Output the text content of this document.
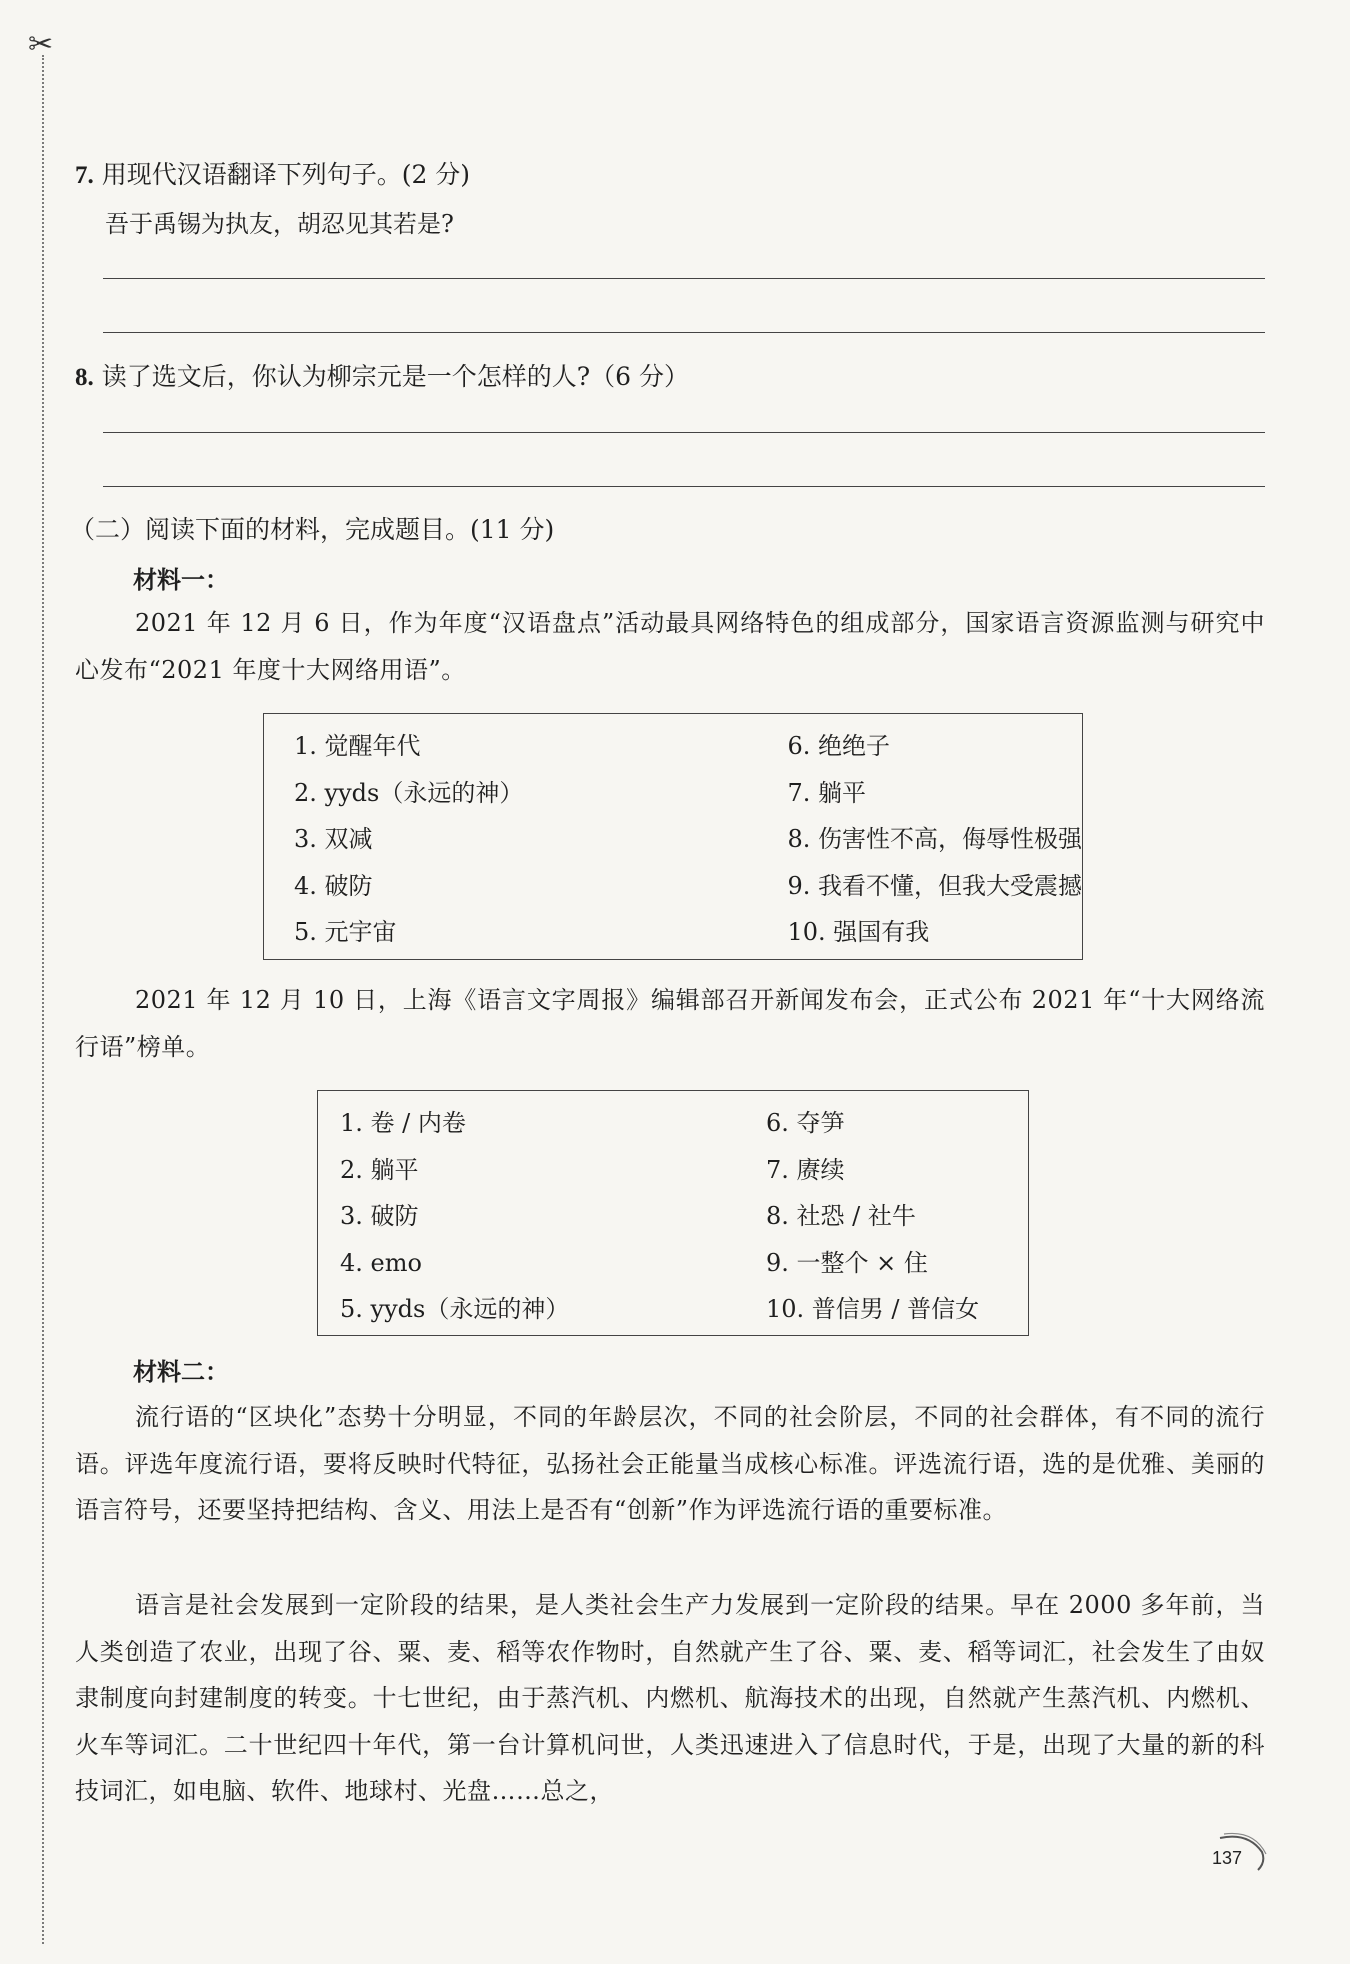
✂
7. 用现代汉语翻译下列句子。(2 分)
吾于禹锡为执友，胡忍见其若是?
8. 读了选文后，你认为柳宗元是一个怎样的人?（6 分）
（二）阅读下面的材料，完成题目。(11 分)
材料一：
2021 年 12 月 6 日，作为年度“汉语盘点”活动最具网络特色的组成部分，国家语言资源监测与研究中心发布“2021 年度十大网络用语”。
1. 觉醒年代
2. yyds（永远的神）
3. 双减
4. 破防
5. 元宇宙
6. 绝绝子
7. 躺平
8. 伤害性不高，侮辱性极强
9. 我看不懂，但我大受震撼
10. 强国有我
2021 年 12 月 10 日，上海《语言文字周报》编辑部召开新闻发布会，正式公布 2021 年“十大网络流行语”榜单。
1. 卷 / 内卷
2. 躺平
3. 破防
4. emo
5. yyds（永远的神）
6. 夺笋
7. 赓续
8. 社恐 / 社牛
9. 一整个 × 住
10. 普信男 / 普信女
材料二：
流行语的“区块化”态势十分明显，不同的年龄层次，不同的社会阶层，不同的社会群体，有不同的流行语。评选年度流行语，要将反映时代特征，弘扬社会正能量当成核心标准。评选流行语，选的是优雅、美丽的语言符号，还要坚持把结构、含义、用法上是否有“创新”作为评选流行语的重要标准。
语言是社会发展到一定阶段的结果，是人类社会生产力发展到一定阶段的结果。早在 2000 多年前，当人类创造了农业，出现了谷、粟、麦、稻等农作物时，自然就产生了谷、粟、麦、稻等词汇，社会发生了由奴隶制度向封建制度的转变。十七世纪，由于蒸汽机、内燃机、航海技术的出现，自然就产生蒸汽机、内燃机、火车等词汇。二十世纪四十年代，第一台计算机问世，人类迅速进入了信息时代，于是，出现了大量的新的科技词汇，如电脑、软件、地球村、光盘……总之，
137
